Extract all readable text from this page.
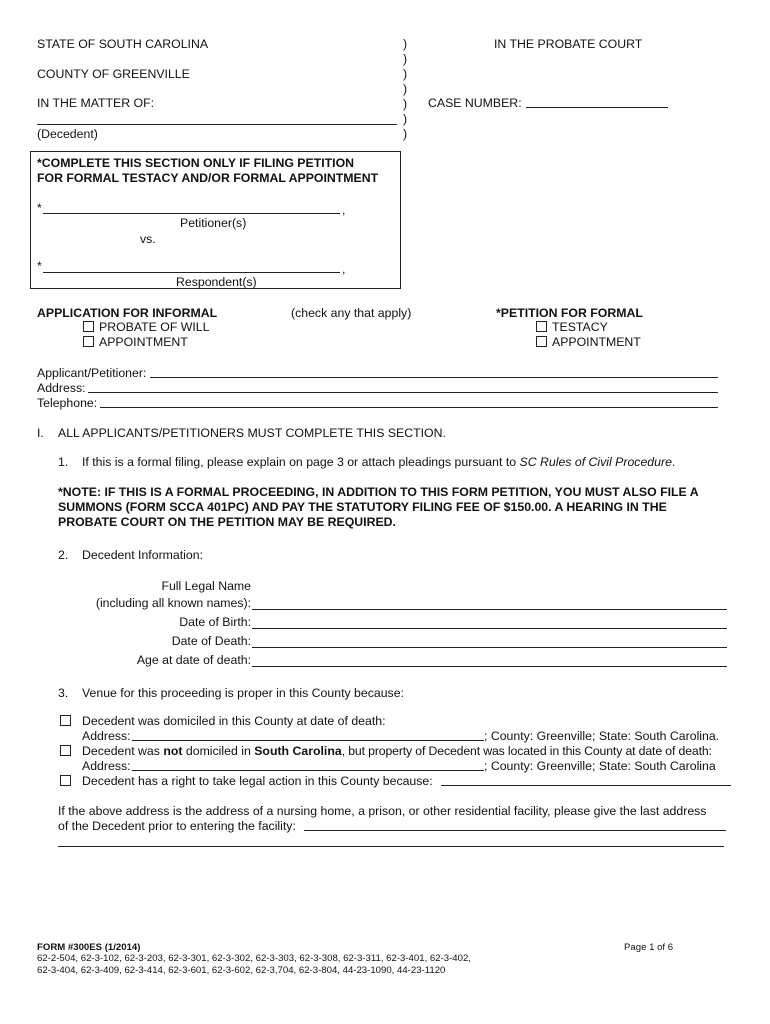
STATE OF SOUTH CAROLINA
COUNTY OF GREENVILLE
IN THE MATTER OF:
(Decedent)
)
)
)
)
)
)
)
IN THE PROBATE COURT
CASE NUMBER:
*COMPLETE THIS SECTION ONLY IF FILING PETITION
FOR FORMAL TESTACY AND/OR FORMAL APPOINTMENT
*	,
Petitioner(s)
vs.
*	,
Respondent(s)
APPLICATION FOR INFORMAL
PROBATE OF WILL
APPOINTMENT
(check any that apply)	*PETITION FOR FORMAL
TESTACY
APPOINTMENT
Applicant/Petitioner:
Address:
Telephone:
I. ALL APPLICANTS/PETITIONERS MUST COMPLETE THIS SECTION.
1. If this is a formal filing, please explain on page 3 or attach pleadings pursuant to SC Rules of Civil Procedure.
*NOTE: IF THIS IS A FORMAL PROCEEDING, IN ADDITION TO THIS FORM PETITION, YOU MUST ALSO FILE A
SUMMONS (FORM SCCA 401PC) AND PAY THE STATUTORY FILING FEE OF $150.00. A HEARING IN THE
PROBATE COURT ON THE PETITION MAY BE REQUIRED.
2. Decedent Information:
Full Legal Name
(including all known names):
Date of Birth:
Date of Death:
Age at date of death:
3. Venue for this proceeding is proper in this County because:
Decedent was domiciled in this County at date of death:
Address:	; County: Greenville; State: South Carolina.
Decedent was not domiciled in South Carolina, but property of Decedent was located in this County at date of death:
Address:	; County: Greenville; State: South Carolina
Decedent has a right to take legal action in this County because:
If the above address is the address of a nursing home, a prison, or other residential facility, please give the last address
of the Decedent prior to entering the facility:
FORM #300ES (1/2014)	Page 1 of 6
62-2-504, 62-3-102, 62-3-203, 62-3-301, 62-3-302, 62-3-303, 62-3-308, 62-3-311, 62-3-401, 62-3-402,
62-3-404, 62-3-409, 62-3-414, 62-3-601, 62-3-602, 62-3,704, 62-3-804, 44-23-1090, 44-23-1120
